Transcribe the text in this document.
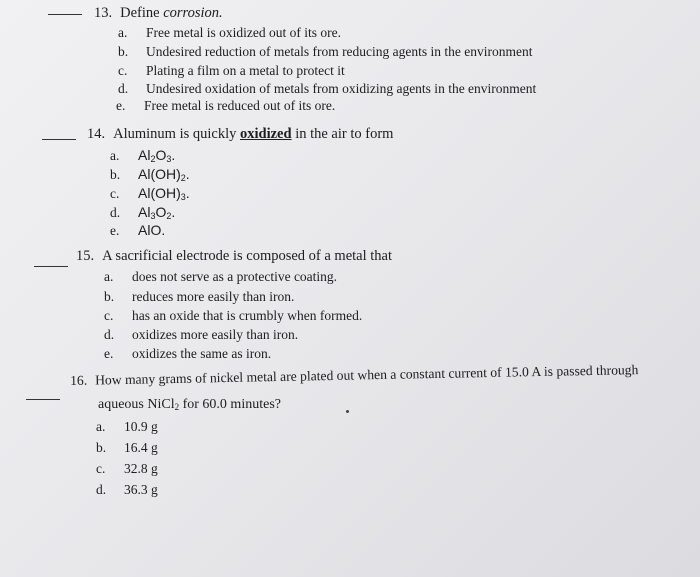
13. Define corrosion.
a. Free metal is oxidized out of its ore.
b. Undesired reduction of metals from reducing agents in the environment
c. Plating a film on a metal to protect it
d. Undesired oxidation of metals from oxidizing agents in the environment
e. Free metal is reduced out of its ore.
14. Aluminum is quickly oxidized in the air to form
a. $Al_2O_3$.
b. $Al(OH)_2$.
c. $Al(OH)_3$.
d. $Al_3O_2$.
e. AlO.
15. A sacrificial electrode is composed of a metal that
a. does not serve as a protective coating.
b. reduces more easily than iron.
c. has an oxide that is crumbly when formed.
d. oxidizes more easily than iron.
e. oxidizes the same as iron.
16. How many grams of nickel metal are plated out when a constant current of 15.0 A is passed through
aqueous NiCl$_2$ for 60.0 minutes?
a. 10.9 g
b. 16.4 g
c. 32.8 g
d. 36.3 g
